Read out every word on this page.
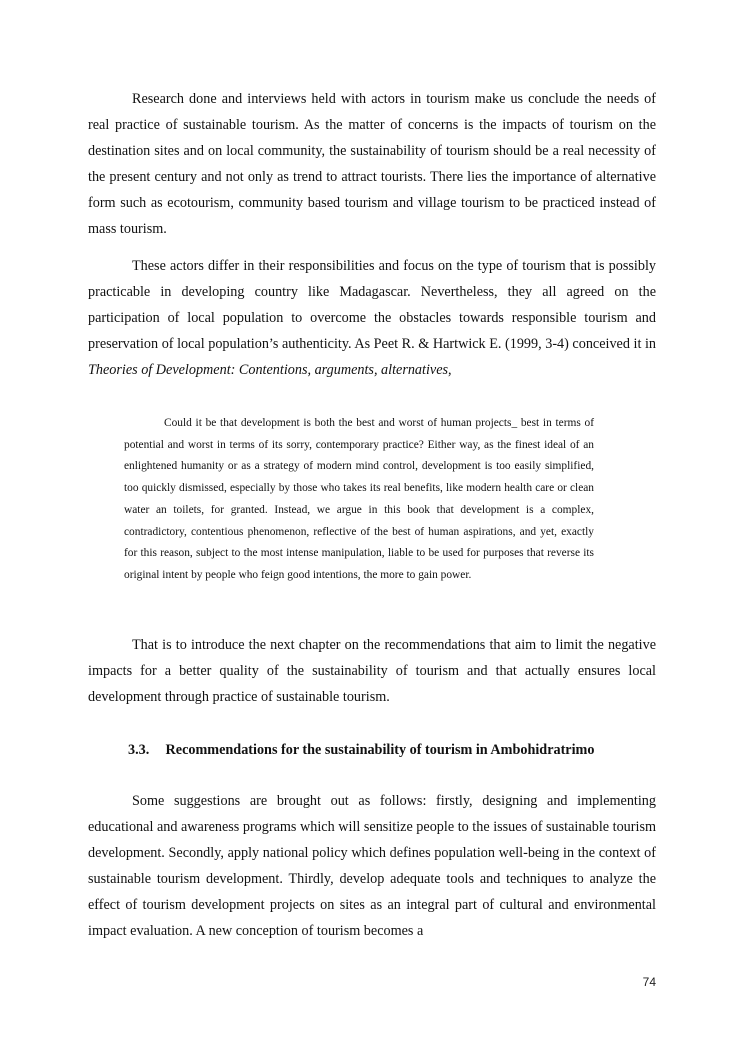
Research done and interviews held with actors in tourism make us conclude the needs of real practice of sustainable tourism. As the matter of concerns is the impacts of tourism on the destination sites and on local community, the sustainability of tourism should be a real necessity of the present century and not only as trend to attract tourists. There lies the importance of alternative form such as ecotourism, community based tourism and village tourism to be practiced instead of mass tourism.

These actors differ in their responsibilities and focus on the type of tourism that is possibly practicable in developing country like Madagascar. Nevertheless, they all agreed on the participation of local population to overcome the obstacles towards responsible tourism and preservation of local population’s authenticity. As Peet R. & Hartwick E. (1999, 3-4) conceived it in Theories of Development: Contentions, arguments, alternatives,

Could it be that development is both the best and worst of human projects_ best in terms of potential and worst in terms of its sorry, contemporary practice? Either way, as the finest ideal of an enlightened humanity or as a strategy of modern mind control, development is too easily simplified, too quickly dismissed, especially by those who takes its real benefits, like modern health care or clean water an toilets, for granted. Instead, we argue in this book that development is a complex, contradictory, contentious phenomenon, reflective of the best of human aspirations, and yet, exactly for this reason, subject to the most intense manipulation, liable to be used for purposes that reverse its original intent by people who feign good intentions, the more to gain power.

That is to introduce the next chapter on the recommendations that aim to limit the negative impacts for a better quality of the sustainability of tourism and that actually ensures local development through practice of sustainable tourism.

3.3. Recommendations for the sustainability of tourism in Ambohidratrimo

Some suggestions are brought out as follows: firstly, designing and implementing educational and awareness programs which will sensitize people to the issues of sustainable tourism development. Secondly, apply national policy which defines population well-being in the context of sustainable tourism development. Thirdly, develop adequate tools and techniques to analyze the effect of tourism development projects on sites as an integral part of cultural and environmental impact evaluation. A new conception of tourism becomes a

74
